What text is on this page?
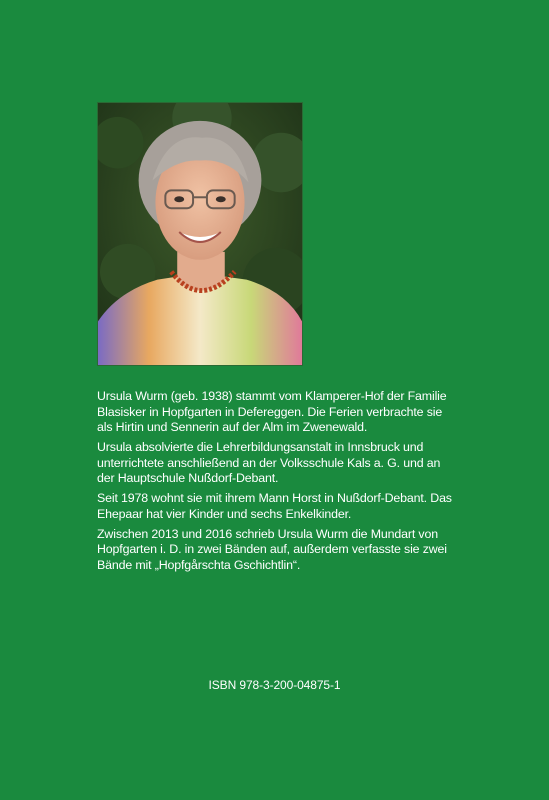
Ursula Wurm (geb. 1938) stammt vom Klamperer-Hof der Familie Blasisker in Hopfgarten in Defereggen. Die Ferien verbrachte sie als Hirtin und Sennerin auf der Alm im Zwenewald.

Ursula absolvierte die Lehrerbildungsanstalt in Innsbruck und unterrichtete anschließend an der Volksschule Kals a. G. und an der Hauptschule Nußdorf-Debant.

Seit 1978 wohnt sie mit ihrem Mann Horst in Nußdorf-Debant. Das Ehepaar hat vier Kinder und sechs Enkelkinder.

Zwischen 2013 und 2016 schrieb Ursula Wurm die Mundart von Hopfgarten i. D. in zwei Bänden auf, außerdem verfasste sie zwei Bände mit „Hopfgårschta Gschichtlin“.

ISBN 978-3-200-04875-1
